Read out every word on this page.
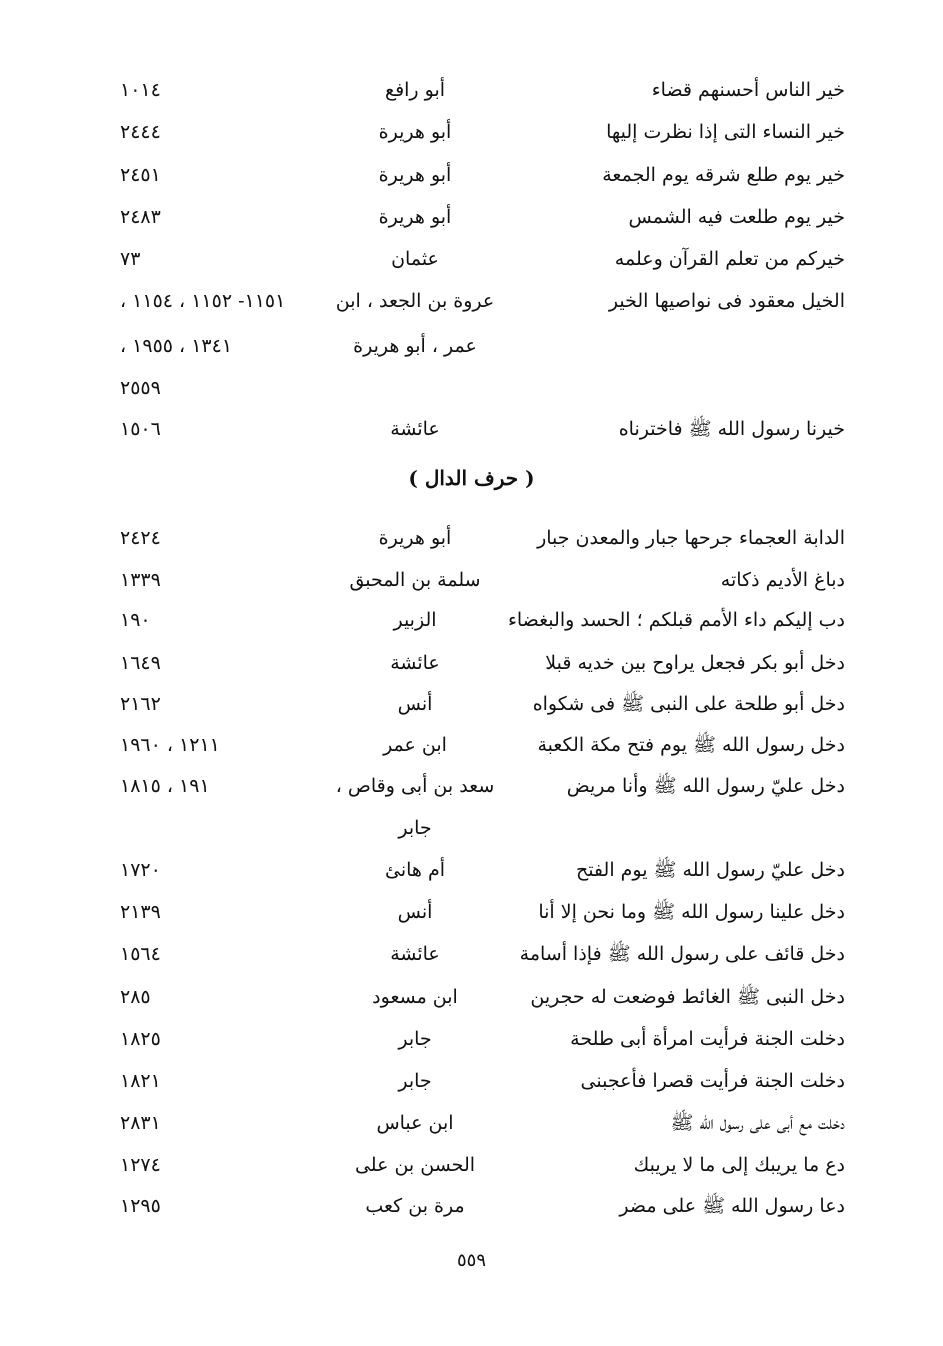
خير الناس أحسنهم قضاء
أبو رافع
١٠١٤
خير النساء التى إذا نظرت إليها
أبو هريرة
٢٤٤٤
خير يوم طلع شرقه يوم الجمعة
أبو هريرة
٢٤٥١
خير يوم طلعت فيه الشمس
أبو هريرة
٢٤٨٣
خيركم من تعلم القرآن وعلمه
عثمان
٧٣
الخيل معقود فى نواصيها الخير
عروة بن الجعد ، ابن
١١٥١- ١١٥٢ ، ١١٥٤ ،
عمر ، أبو هريرة
١٣٤١ ، ١٩٥٥ ،
٢٥٥٩
خيرنا رسول الله ﷺ فاخترناه
عائشة
١٥٠٦
الدابة العجماء جرحها جبار والمعدن جبار
أبو هريرة
٢٤٢٤
دباغ الأديم ذكاته
سلمة بن المحبق
١٣٣٩
دب إليكم داء الأمم قبلكم ؛ الحسد والبغضاء
الزبير
١٩٠
دخل أبو بكر فجعل يراوح بين خديه قبلا
عائشة
١٦٤٩
دخل أبو طلحة على النبى ﷺ فى شكواه
أنس
٢١٦٢
دخل رسول الله ﷺ يوم فتح مكة الكعبة
ابن عمر
١٢١١ ، ١٩٦٠
دخل عليّ رسول الله ﷺ وأنا مريض
سعد بن أبى وقاص ،
١٩١ ، ١٨١٥
جابر
دخل عليّ رسول الله ﷺ يوم الفتح
أم هانئ
١٧٢٠
دخل علينا رسول الله ﷺ وما نحن إلا أنا
أنس
٢١٣٩
دخل قائف على رسول الله ﷺ فإذا أسامة
عائشة
١٥٦٤
دخل النبى ﷺ الغائط فوضعت له حجرين
ابن مسعود
٢٨٥
دخلت الجنة فرأيت امرأة أبى طلحة
جابر
١٨٢٥
دخلت الجنة فرأيت قصرا فأعجبنى
جابر
١٨٢١
دخلت مع أبى على رسول الله ﷺ
ابن عباس
٢٨٣١
دع ما يريبك إلى ما لا يريبك
الحسن بن على
١٢٧٤
دعا رسول الله ﷺ على مضر
مرة بن كعب
١٢٩٥
( حرف الدال )
٥٥٩
